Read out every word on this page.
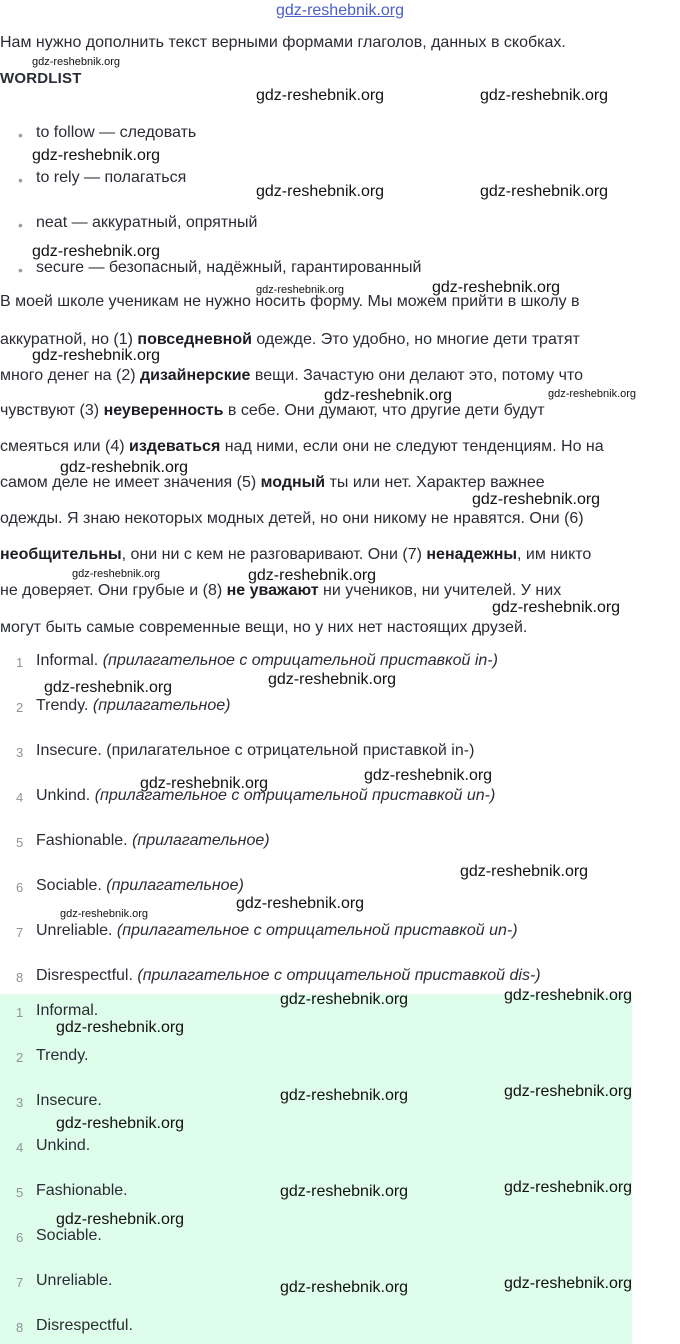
gdz-reshebnik.org
Нам нужно дополнить текст верными формами глаголов, данных в скобках.
WORDLIST
• to follow — следовать
• to rely — полагаться
• neat — аккуратный, опрятный
• secure — безопасный, надёжный, гарантированный
В моей школе ученикам не нужно носить форму. Мы можем прийти в школу в
аккуратной, но (1) повседневной одежде. Это удобно, но многие дети тратят
много денег на (2) дизайнерские вещи. Зачастую они делают это, потому что
чувствуют (3) неуверенность в себе. Они думают, что другие дети будут
смеяться или (4) издеваться над ними, если они не следуют тенденциям. Но на
самом деле не имеет значения (5) модный ты или нет. Характер важнее
одежды. Я знаю некоторых модных детей, но они никому не нравятся. Они (6)
необщительны, они ни с кем не разговаривают. Они (7) ненадежны, им никто
не доверяет. Они грубые и (8) не уважают ни учеников, ни учителей. У них
могут быть самые современные вещи, но у них нет настоящих друзей.
1 Informal. (прилагательное с отрицательной приставкой in-)
2 Trendy. (прилагательное)
3 Insecure. (прилагательное с отрицательной приставкой in-)
4 Unkind. (прилагательное с отрицательной приставкой un-)
5 Fashionable. (прилагательное)
6 Sociable. (прилагательное)
7 Unreliable. (прилагательное с отрицательной приставкой un-)
8 Disrespectful. (прилагательное с отрицательной приставкой dis-)
1 Informal.
2 Trendy.
3 Insecure.
4 Unkind.
5 Fashionable.
6 Sociable.
7 Unreliable.
8 Disrespectful.
gdz-reshebnik.org
gdz-reshebnik.org	gdz-reshebnik.org
gdz-reshebnik.org
gdz-reshebnik.org	gdz-reshebnik.org
gdz-reshebnik.org
gdz-reshebnik.org	gdz-reshebnik.org
gdz-reshebnik.org
gdz-reshebnik.org	gdz-reshebnik.org
gdz-reshebnik.org
gdz-reshebnik.org
gdz-reshebnik.org	gdz-reshebnik.org
gdz-reshebnik.org
gdz-reshebnik.org	gdz-reshebnik.org
gdz-reshebnik.org	gdz-reshebnik.org
gdz-reshebnik.org
gdz-reshebnik.org
gdz-reshebnik.org
gdz-reshebnik.org	gdz-reshebnik.org
gdz-reshebnik.org
gdz-reshebnik.org	gdz-reshebnik.org
gdz-reshebnik.org
gdz-reshebnik.org	gdz-reshebnik.org
gdz-reshebnik.org
gdz-reshebnik.org	gdz-reshebnik.org
